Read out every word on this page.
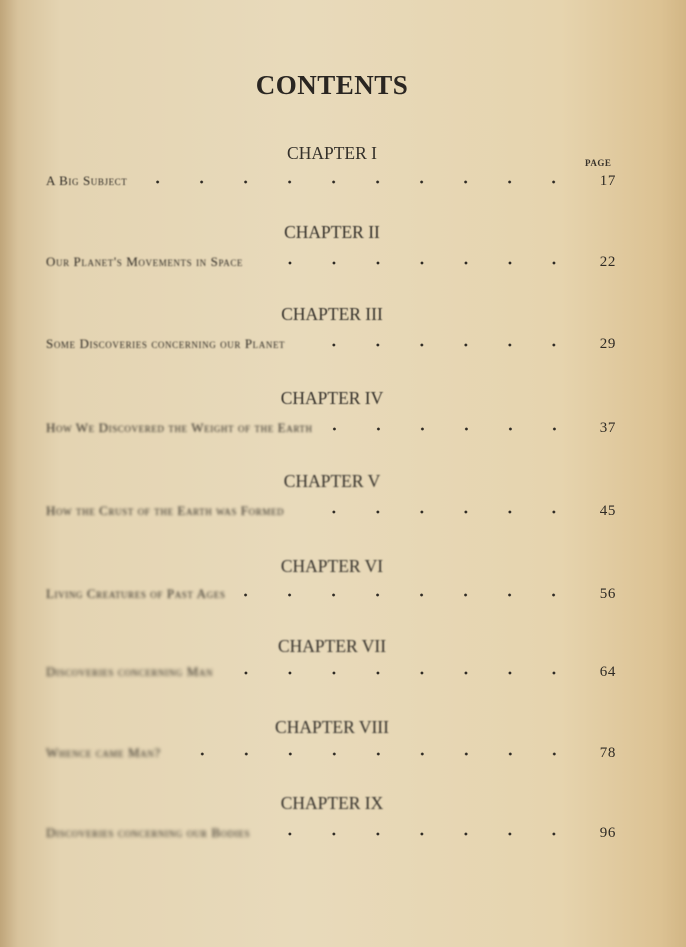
CONTENTS
PAGE
CHAPTER I
A Big Subject	17
CHAPTER II
Our Planet's Movements in Space	22
CHAPTER III
Some Discoveries concerning our Planet	29
CHAPTER IV
How We Discovered the Weight of the Earth	37
CHAPTER V
How the Crust of the Earth was Formed	45
CHAPTER VI
Living Creatures of Past Ages	56
CHAPTER VII
Discoveries concerning Man	64
CHAPTER VIII
Whence came Man?	78
CHAPTER IX
Discoveries concerning our Bodies	96
